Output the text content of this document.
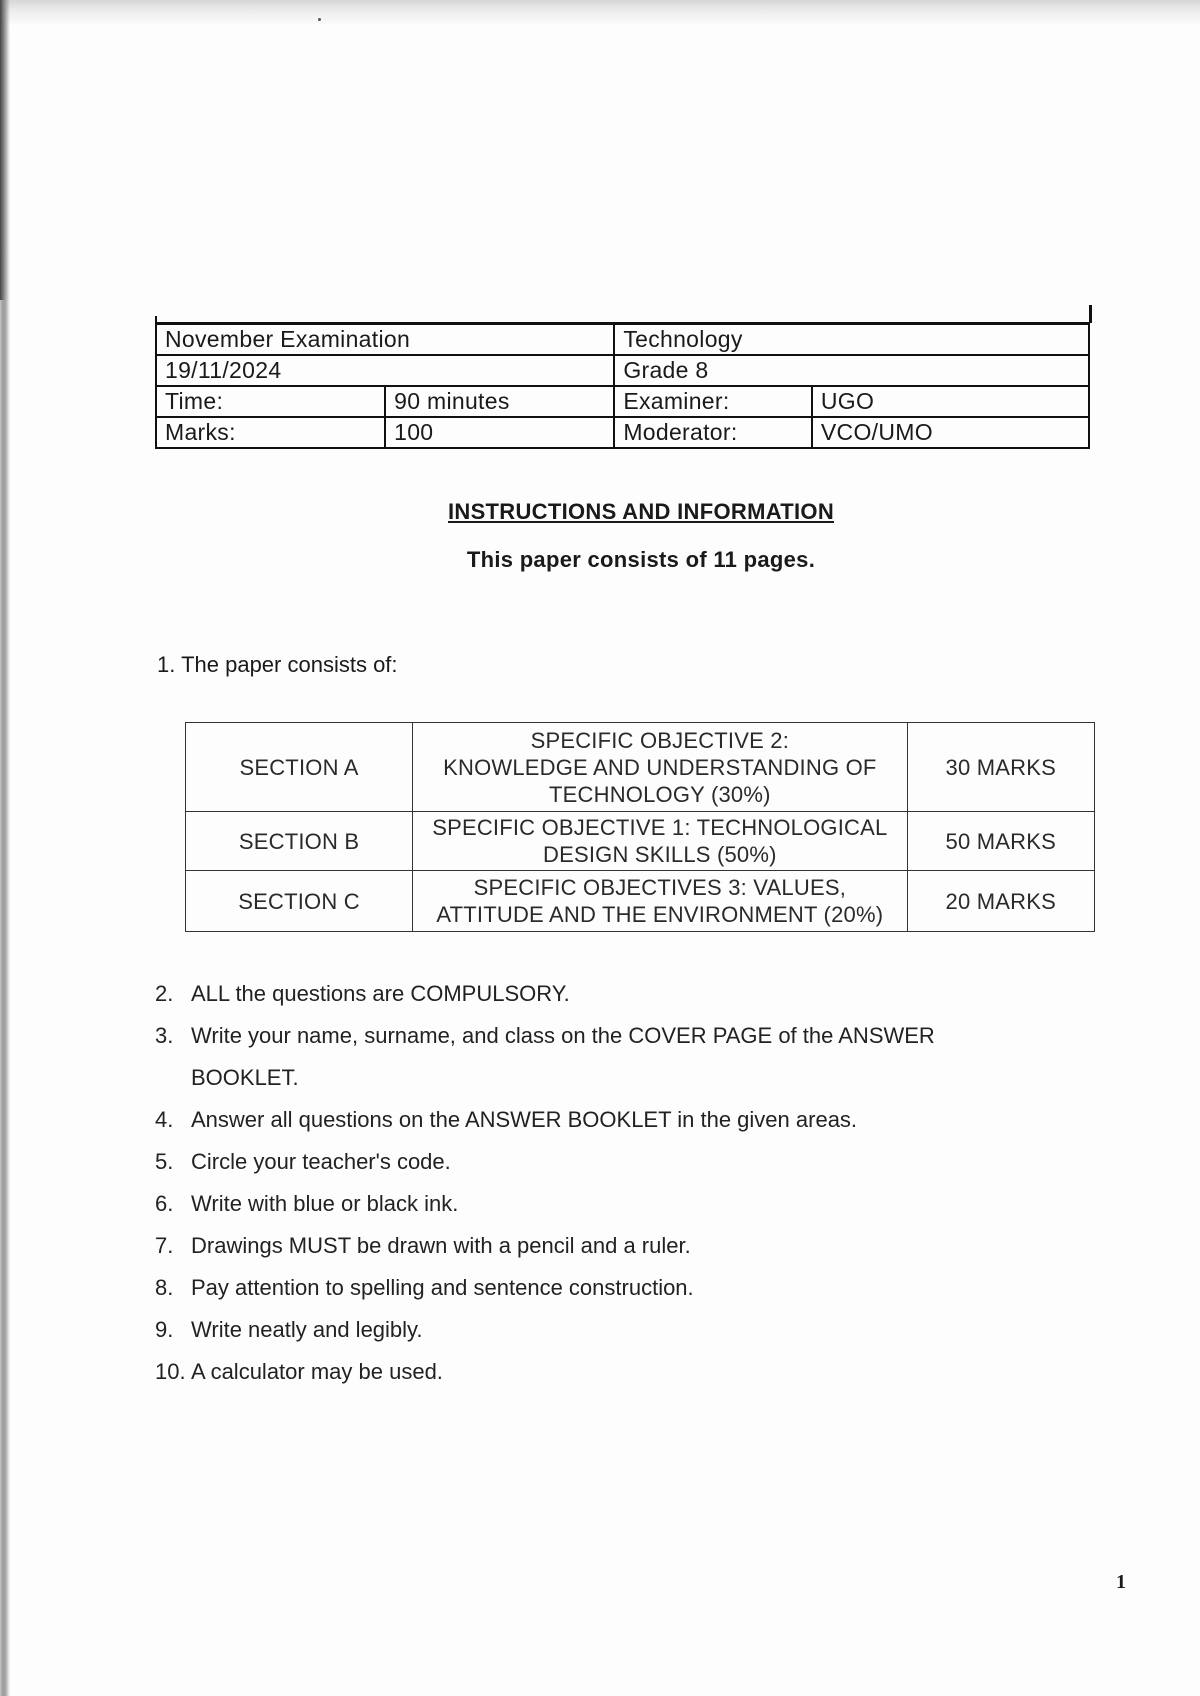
November Examination		Technology	
19/11/2024		Grade 8	
Time:	90 minutes	Examiner:	UGO
Marks:	100	Moderator:	VCO/UMO
INSTRUCTIONS AND INFORMATION
This paper consists of 11 pages.
1. The paper consists of:
SECTION A	SPECIFIC OBJECTIVE 2:
KNOWLEDGE AND UNDERSTANDING OF
TECHNOLOGY (30%)	30 MARKS
SECTION B	SPECIFIC OBJECTIVE 1: TECHNOLOGICAL
DESIGN SKILLS (50%)	50 MARKS
SECTION C	SPECIFIC OBJECTIVES 3: VALUES,
ATTITUDE AND THE ENVIRONMENT (20%)	20 MARKS
2. ALL the questions are COMPULSORY.
3. Write your name, surname, and class on the COVER PAGE of the ANSWER
BOOKLET.
4. Answer all questions on the ANSWER BOOKLET in the given areas.
5. Circle your teacher's code.
6. Write with blue or black ink.
7. Drawings MUST be drawn with a pencil and a ruler.
8. Pay attention to spelling and sentence construction.
9. Write neatly and legibly.
10. A calculator may be used.
1
